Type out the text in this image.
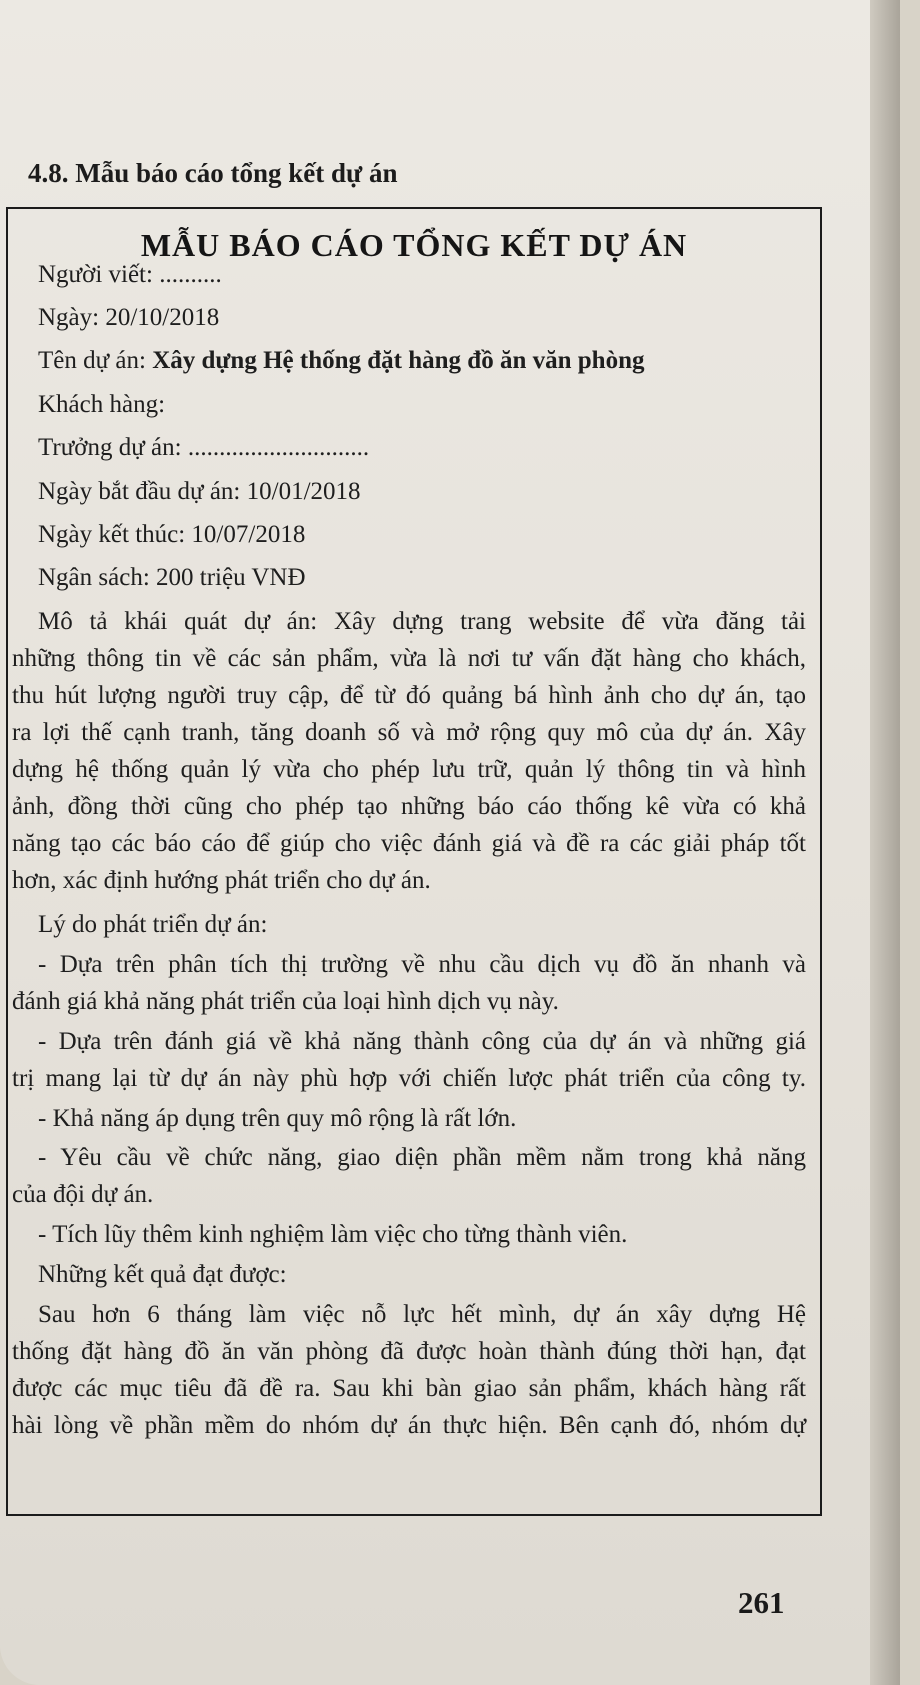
4.8. Mẫu báo cáo tổng kết dự án
MẪU BÁO CÁO TỔNG KẾT DỰ ÁN
Người viết: ..........
Ngày: 20/10/2018
Tên dự án: Xây dựng Hệ thống đặt hàng đồ ăn văn phòng
Khách hàng:
Trưởng dự án: .............................
Ngày bắt đầu dự án: 10/01/2018
Ngày kết thúc: 10/07/2018
Ngân sách: 200 triệu VNĐ
Mô tả khái quát dự án: Xây dựng trang website để vừa đăng tải
những thông tin về các sản phẩm, vừa là nơi tư vấn đặt hàng cho khách,
thu hút lượng người truy cập, để từ đó quảng bá hình ảnh cho dự án, tạo
ra lợi thế cạnh tranh, tăng doanh số và mở rộng quy mô của dự án. Xây
dựng hệ thống quản lý vừa cho phép lưu trữ, quản lý thông tin và hình
ảnh, đồng thời cũng cho phép tạo những báo cáo thống kê vừa có khả
năng tạo các báo cáo để giúp cho việc đánh giá và đề ra các giải pháp tốt
hơn, xác định hướng phát triển cho dự án.
Lý do phát triển dự án:
- Dựa trên phân tích thị trường về nhu cầu dịch vụ đồ ăn nhanh và
đánh giá khả năng phát triển của loại hình dịch vụ này.
- Dựa trên đánh giá về khả năng thành công của dự án và những giá
trị mang lại từ dự án này phù hợp với chiến lược phát triển của công ty.
- Khả năng áp dụng trên quy mô rộng là rất lớn.
- Yêu cầu về chức năng, giao diện phần mềm nằm trong khả năng
của đội dự án.
- Tích lũy thêm kinh nghiệm làm việc cho từng thành viên.
Những kết quả đạt được:
Sau hơn 6 tháng làm việc nỗ lực hết mình, dự án xây dựng Hệ
thống đặt hàng đồ ăn văn phòng đã được hoàn thành đúng thời hạn, đạt
được các mục tiêu đã đề ra. Sau khi bàn giao sản phẩm, khách hàng rất
hài lòng về phần mềm do nhóm dự án thực hiện. Bên cạnh đó, nhóm dự
261
